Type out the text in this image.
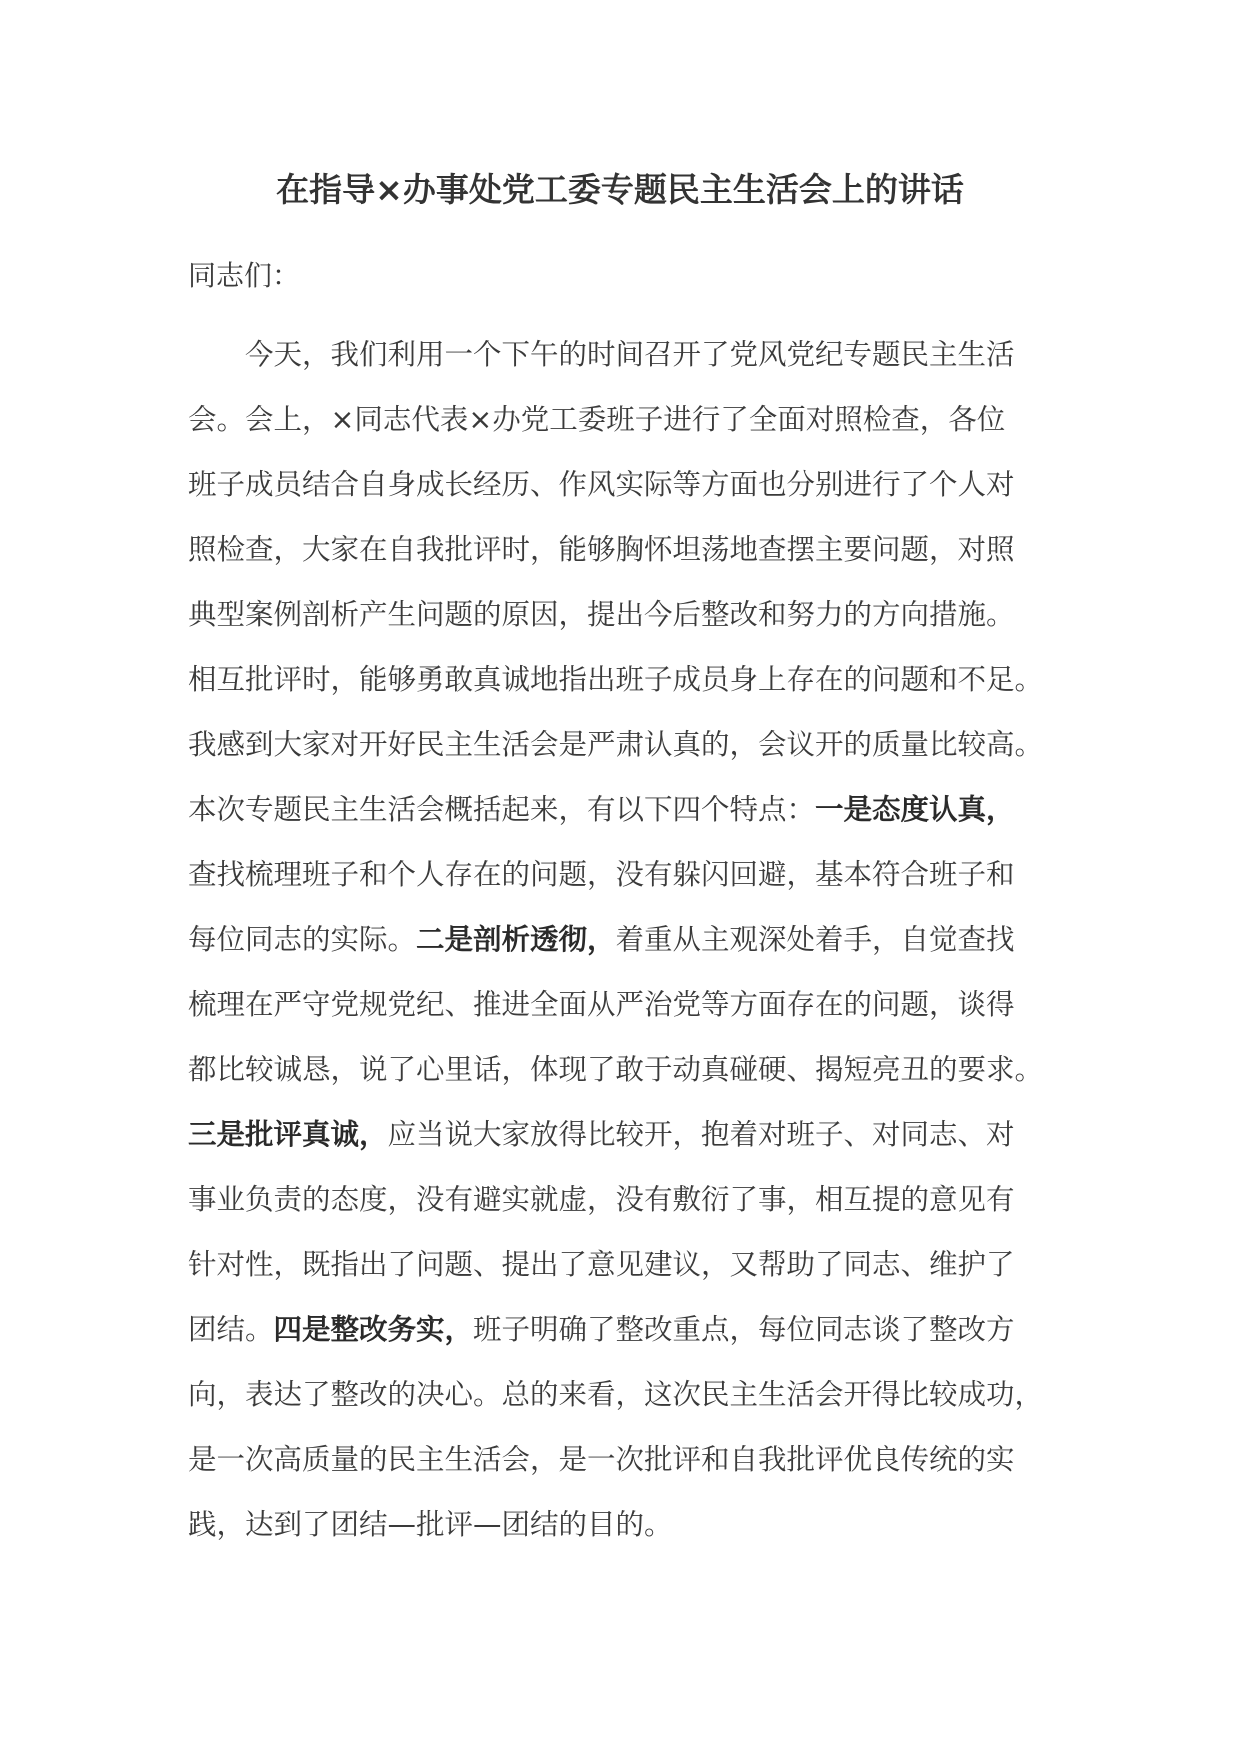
在指导×办事处党工委专题民主生活会上的讲话
同志们：
今天，我们利用一个下午的时间召开了党风党纪专题民主生活
会。会上，×同志代表×办党工委班子进行了全面对照检查，各位
班子成员结合自身成长经历、作风实际等方面也分别进行了个人对
照检查，大家在自我批评时，能够胸怀坦荡地查摆主要问题，对照
典型案例剖析产生问题的原因，提出今后整改和努力的方向措施。
相互批评时，能够勇敢真诚地指出班子成员身上存在的问题和不足。
我感到大家对开好民主生活会是严肃认真的，会议开的质量比较高。
本次专题民主生活会概括起来，有以下四个特点：一是态度认真，
查找梳理班子和个人存在的问题，没有躲闪回避，基本符合班子和
每位同志的实际。二是剖析透彻，着重从主观深处着手，自觉查找
梳理在严守党规党纪、推进全面从严治党等方面存在的问题，谈得
都比较诚恳，说了心里话，体现了敢于动真碰硬、揭短亮丑的要求。
三是批评真诚，应当说大家放得比较开，抱着对班子、对同志、对
事业负责的态度，没有避实就虚，没有敷衍了事，相互提的意见有
针对性，既指出了问题、提出了意见建议，又帮助了同志、维护了
团结。四是整改务实，班子明确了整改重点，每位同志谈了整改方
向，表达了整改的决心。总的来看，这次民主生活会开得比较成功，
是一次高质量的民主生活会，是一次批评和自我批评优良传统的实
践，达到了团结—批评—团结的目的。
